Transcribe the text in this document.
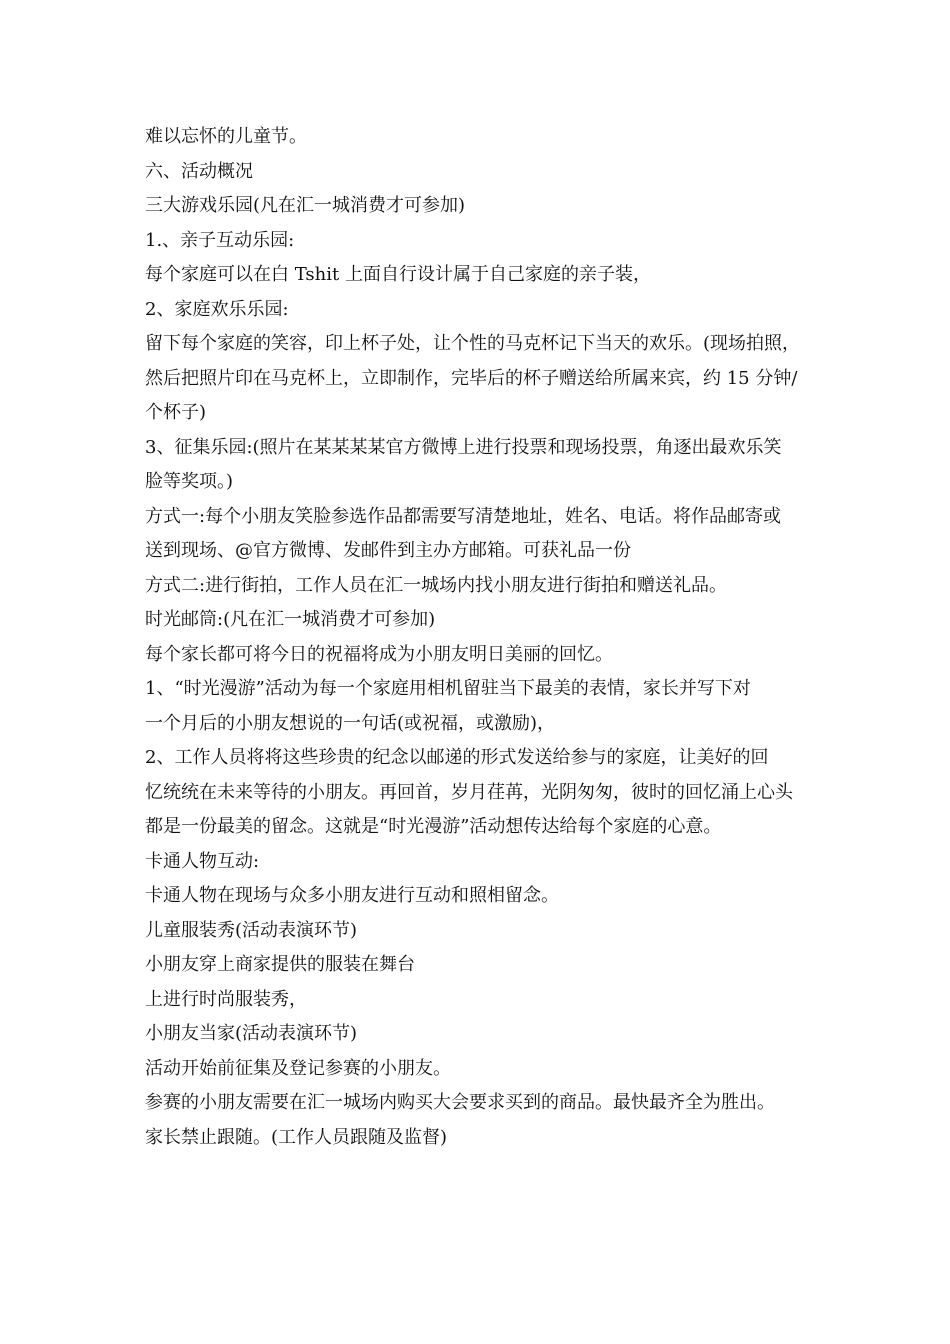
难以忘怀的儿童节。
六、活动概况
三大游戏乐园(凡在汇一城消费才可参加)
1.、亲子互动乐园:
每个家庭可以在白 Tshit 上面自行设计属于自己家庭的亲子装，
2、家庭欢乐乐园:
留下每个家庭的笑容，印上杯子处，让个性的马克杯记下当天的欢乐。(现场拍照，
然后把照片印在马克杯上，立即制作，完毕后的杯子赠送给所属来宾，约 15 分钟/
个杯子)
3、征集乐园:(照片在某某某某官方微博上进行投票和现场投票，角逐出最欢乐笑
脸等奖项。)
方式一:每个小朋友笑脸参选作品都需要写清楚地址，姓名、电话。将作品邮寄或
送到现场、@官方微博、发邮件到主办方邮箱。可获礼品一份
方式二:进行街拍，工作人员在汇一城场内找小朋友进行街拍和赠送礼品。
时光邮筒:(凡在汇一城消费才可参加)
每个家长都可将今日的祝福将成为小朋友明日美丽的回忆。
1、“时光漫游”活动为每一个家庭用相机留驻当下最美的表情，家长并写下对
一个月后的小朋友想说的一句话(或祝福，或激励)，
2、工作人员将将这些珍贵的纪念以邮递的形式发送给参与的家庭，让美好的回
忆统统在未来等待的小朋友。再回首，岁月荏苒，光阴匆匆，彼时的回忆涌上心头
都是一份最美的留念。这就是“时光漫游”活动想传达给每个家庭的心意。
卡通人物互动:
卡通人物在现场与众多小朋友进行互动和照相留念。
儿童服装秀(活动表演环节)
小朋友穿上商家提供的服装在舞台
上进行时尚服装秀，
小朋友当家(活动表演环节)
活动开始前征集及登记参赛的小朋友。
参赛的小朋友需要在汇一城场内购买大会要求买到的商品。最快最齐全为胜出。
家长禁止跟随。(工作人员跟随及监督)
